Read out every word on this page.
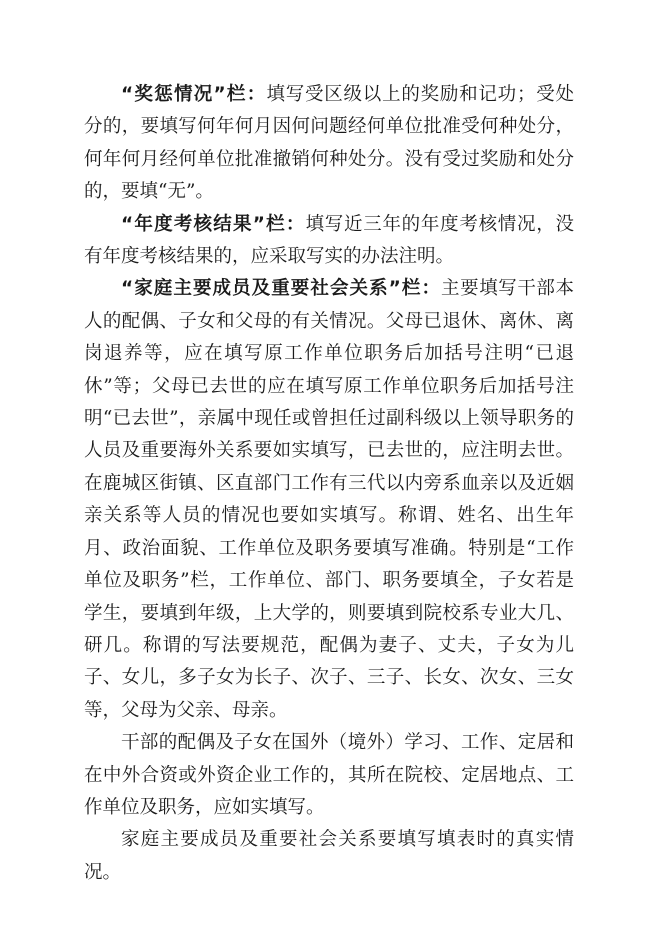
“奖惩情况”栏：填写受区级以上的奖励和记功；受处分的，要填写何年何月因何问题经何单位批准受何种处分，何年何月经何单位批准撤销何种处分。没有受过奖励和处分的，要填“无”。

“年度考核结果”栏：填写近三年的年度考核情况，没有年度考核结果的，应采取写实的办法注明。

“家庭主要成员及重要社会关系”栏：主要填写干部本人的配偶、子女和父母的有关情况。父母已退休、离休、离岗退养等，应在填写原工作单位职务后加括号注明“已退休”等；父母已去世的应在填写原工作单位职务后加括号注明“已去世”，亲属中现任或曾担任过副科级以上领导职务的人员及重要海外关系要如实填写，已去世的，应注明去世。在鹿城区街镇、区直部门工作有三代以内旁系血亲以及近姻亲关系等人员的情况也要如实填写。称谓、姓名、出生年月、政治面貌、工作单位及职务要填写准确。特别是“工作单位及职务”栏，工作单位、部门、职务要填全，子女若是学生，要填到年级，上大学的，则要填到院校系专业大几、研几。称谓的写法要规范，配偶为妻子、丈夫，子女为儿子、女儿，多子女为长子、次子、三子、长女、次女、三女等，父母为父亲、母亲。

干部的配偶及子女在国外（境外）学习、工作、定居和在中外合资或外资企业工作的，其所在院校、定居地点、工作单位及职务，应如实填写。

家庭主要成员及重要社会关系要填写填表时的真实情况。
